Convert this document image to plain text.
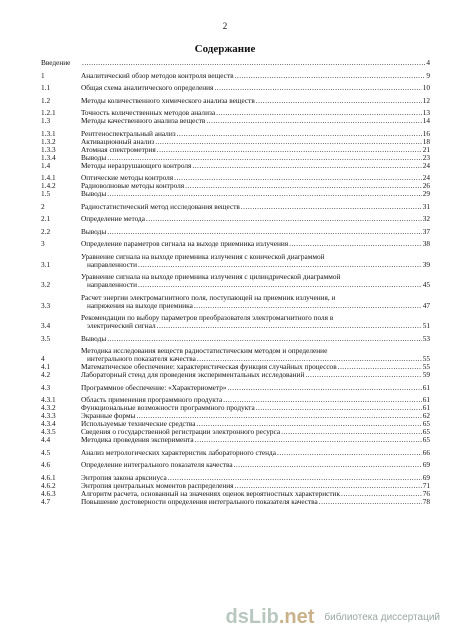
2
Содержание
Введение .....	4
1	Аналитический обзор методов контроля веществ .....	9
1.1	Общая схема аналитического определения .....	10
1.2	Методы количественного химического анализа веществ .....	12
1.2.1	Точность количественных методов анализа .....	13
1.3	Методы качественного анализа веществ .....	14
1.3.1	Рентгеноспектральный анализ .....	16
1.3.2	Активационный анализ .....	18
1.3.3	Атомная спектрометрия .....	21
1.3.4	Выводы .....	23
1.4	Методы неразрушающего контроля .....	24
1.4.1	Оптические методы контроля .....	24
1.4.2	Радиоволновые методы контроля .....	26
1.5	Выводы .....	29
2	Радиостатистический метод исследования веществ .....	31
2.1	Определение метода .....	32
2.2	Выводы .....	37
3	Определение параметров сигнала на выходе приемника излучения .....	38
3.1
Уравнение сигнала на выходе приемника излучения с конической диаграммой
направленности .....	39
3.2
Уравнение сигнала на выходе приемника излучения с цилиндрической диаграммой
направленности .....	45
3.3
Расчет энергии электромагнитного поля, поступающей на приемник излучения, и
напряжения на выходе приемника .....	47
3.4
Рекомендации по выбору параметров преобразователя электромагнитного поля в
электрический сигнал .....	51
3.5	Выводы .....	53
4
Методика исследования веществ радиостатистическим методом и определение
интегрального показателя качества .....	55
4.1	Математическое обеспечение: характеристическая функция случайных процессов .....	55
4.2	Лабораторный стенд для проведения экспериментальных исследований .....	59
4.3	Программное обеспечение: «Характериометр» .....	61
4.3.1	Область применения программного продукта .....	61
4.3.2	Функциональные возможности программного продукта .....	61
4.3.3	Экранные формы .....	62
4.3.4	Используемые технические средства .....	65
4.3.5	Сведения о государственной регистрации электронного ресурса .....	65
4.4	Методика проведения эксперимента .....	65
4.5	Анализ метрологических характеристик лабораторного стенда .....	66
4.6	Определение интегрального показателя качества .....	69
4.6.1	Энтропия закона арксинуса .....	69
4.6.2	Энтропия центральных моментов распределения .....	71
4.6.3	Алгоритм расчета, основанный на значениях оценок вероятностных характеристик .....	76
4.7	Повышение достоверности определения интегрального показателя качества .....	78
dsLib.net библиотека диссертаций
